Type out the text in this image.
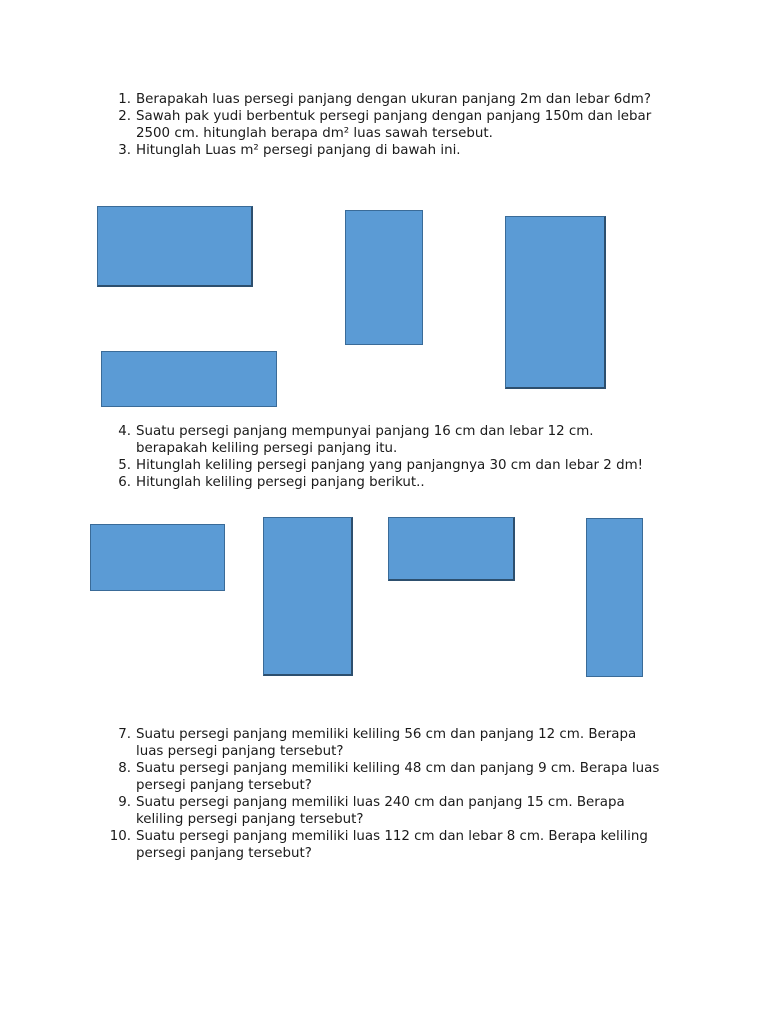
1. Berapakah luas persegi panjang dengan ukuran panjang 2m dan lebar 6dm?
2. Sawah pak yudi berbentuk persegi panjang dengan panjang 150m dan lebar
2500 cm. hitunglah berapa dm² luas sawah tersebut.
3. Hitunglah Luas m² persegi panjang di bawah ini.
4. Suatu persegi panjang mempunyai panjang 16 cm dan lebar 12 cm.
berapakah keliling persegi panjang itu.
5. Hitunglah keliling persegi panjang yang panjangnya 30 cm dan lebar 2 dm!
6. Hitunglah keliling persegi panjang berikut..
7. Suatu persegi panjang memiliki keliling 56 cm dan panjang 12 cm. Berapa
luas persegi panjang tersebut?
8. Suatu persegi panjang memiliki keliling 48 cm dan panjang 9 cm. Berapa luas
persegi panjang tersebut?
9. Suatu persegi panjang memiliki luas 240 cm dan panjang 15 cm. Berapa
keliling persegi panjang tersebut?
10. Suatu persegi panjang memiliki luas 112 cm dan lebar 8 cm. Berapa keliling
persegi panjang tersebut?
